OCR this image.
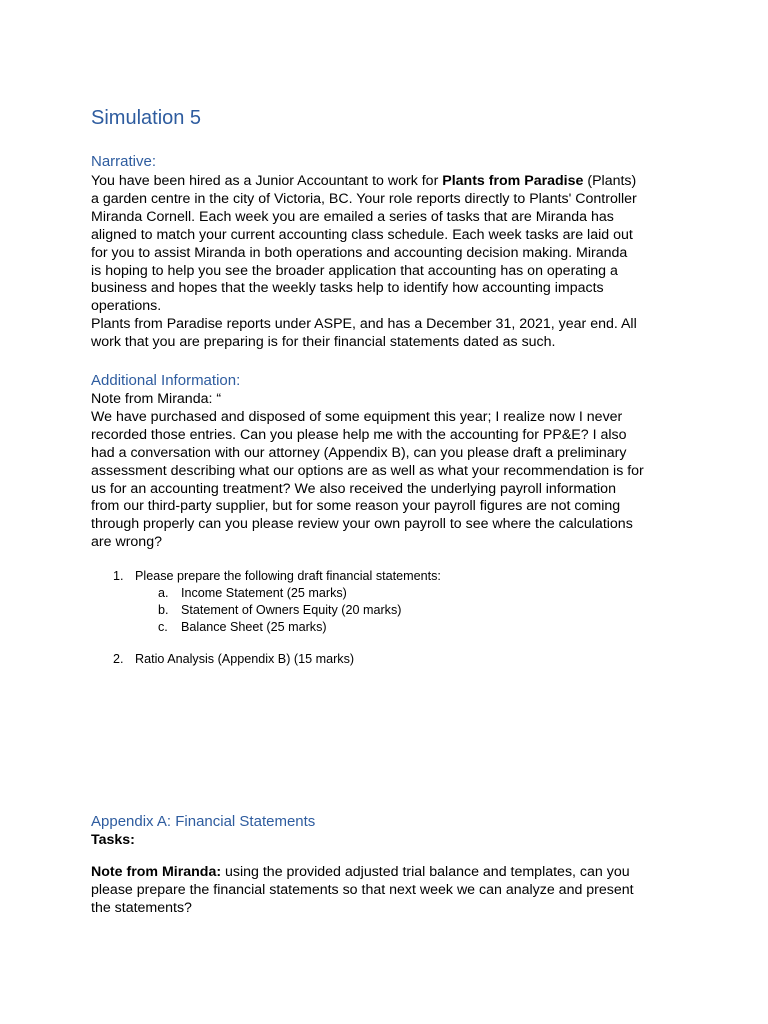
Simulation 5
Narrative:
You have been hired as a Junior Accountant to work for Plants from Paradise (Plants)
a garden centre in the city of Victoria, BC. Your role reports directly to Plants' Controller
Miranda Cornell. Each week you are emailed a series of tasks that are Miranda has
aligned to match your current accounting class schedule. Each week tasks are laid out
for you to assist Miranda in both operations and accounting decision making. Miranda
is hoping to help you see the broader application that accounting has on operating a
business and hopes that the weekly tasks help to identify how accounting impacts
operations.
Plants from Paradise reports under ASPE, and has a December 31, 2021, year end. All
work that you are preparing is for their financial statements dated as such.
Additional Information:
Note from Miranda: “
We have purchased and disposed of some equipment this year; I realize now I never
recorded those entries. Can you please help me with the accounting for PP&E? I also
had a conversation with our attorney (Appendix B), can you please draft a preliminary
assessment describing what our options are as well as what your recommendation is for
us for an accounting treatment? We also received the underlying payroll information
from our third-party supplier, but for some reason your payroll figures are not coming
through properly can you please review your own payroll to see where the calculations
are wrong?
1. Please prepare the following draft financial statements:
a. Income Statement (25 marks)
b. Statement of Owners Equity (20 marks)
c. Balance Sheet (25 marks)
2. Ratio Analysis (Appendix B) (15 marks)
Appendix A: Financial Statements
Tasks:
Note from Miranda: using the provided adjusted trial balance and templates, can you
please prepare the financial statements so that next week we can analyze and present
the statements?
